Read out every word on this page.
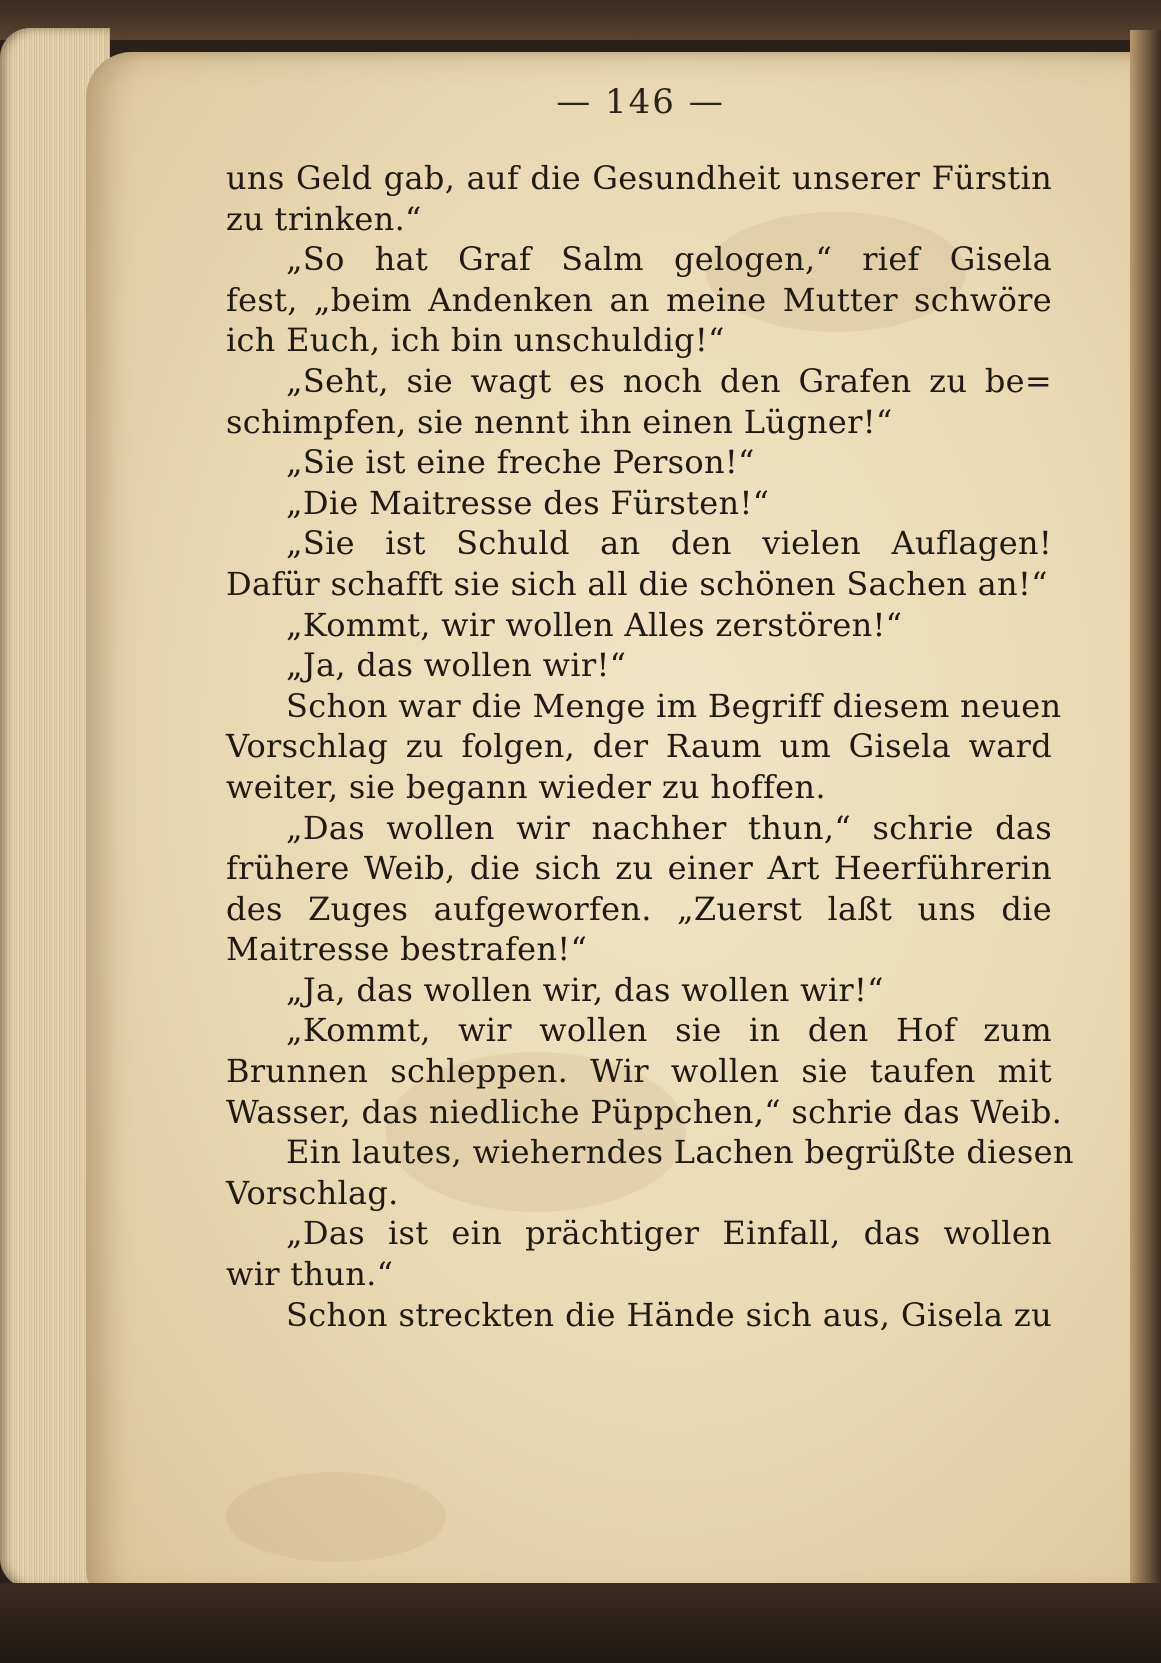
— 146 —
uns Geld gab, auf die Gesundheit unserer Fürstin
zu trinken.“
„So hat Graf Salm gelogen,“ rief Gisela
fest, „beim Andenken an meine Mutter schwöre
ich Euch, ich bin unschuldig!“
„Seht, sie wagt es noch den Grafen zu be=
schimpfen, sie nennt ihn einen Lügner!“
„Sie ist eine freche Person!“
„Die Maitresse des Fürsten!“
„Sie ist Schuld an den vielen Auflagen!
Dafür schafft sie sich all die schönen Sachen an!“
„Kommt, wir wollen Alles zerstören!“
„Ja, das wollen wir!“
Schon war die Menge im Begriff diesem neuen
Vorschlag zu folgen, der Raum um Gisela ward
weiter, sie begann wieder zu hoffen.
„Das wollen wir nachher thun,“ schrie das
frühere Weib, die sich zu einer Art Heerführerin
des Zuges aufgeworfen. „Zuerst laßt uns die
Maitresse bestrafen!“
„Ja, das wollen wir, das wollen wir!“
„Kommt, wir wollen sie in den Hof zum
Brunnen schleppen. Wir wollen sie taufen mit
Wasser, das niedliche Püppchen,“ schrie das Weib.
Ein lautes, wieherndes Lachen begrüßte diesen
Vorschlag.
„Das ist ein prächtiger Einfall, das wollen
wir thun.“
Schon streckten die Hände sich aus, Gisela zu
